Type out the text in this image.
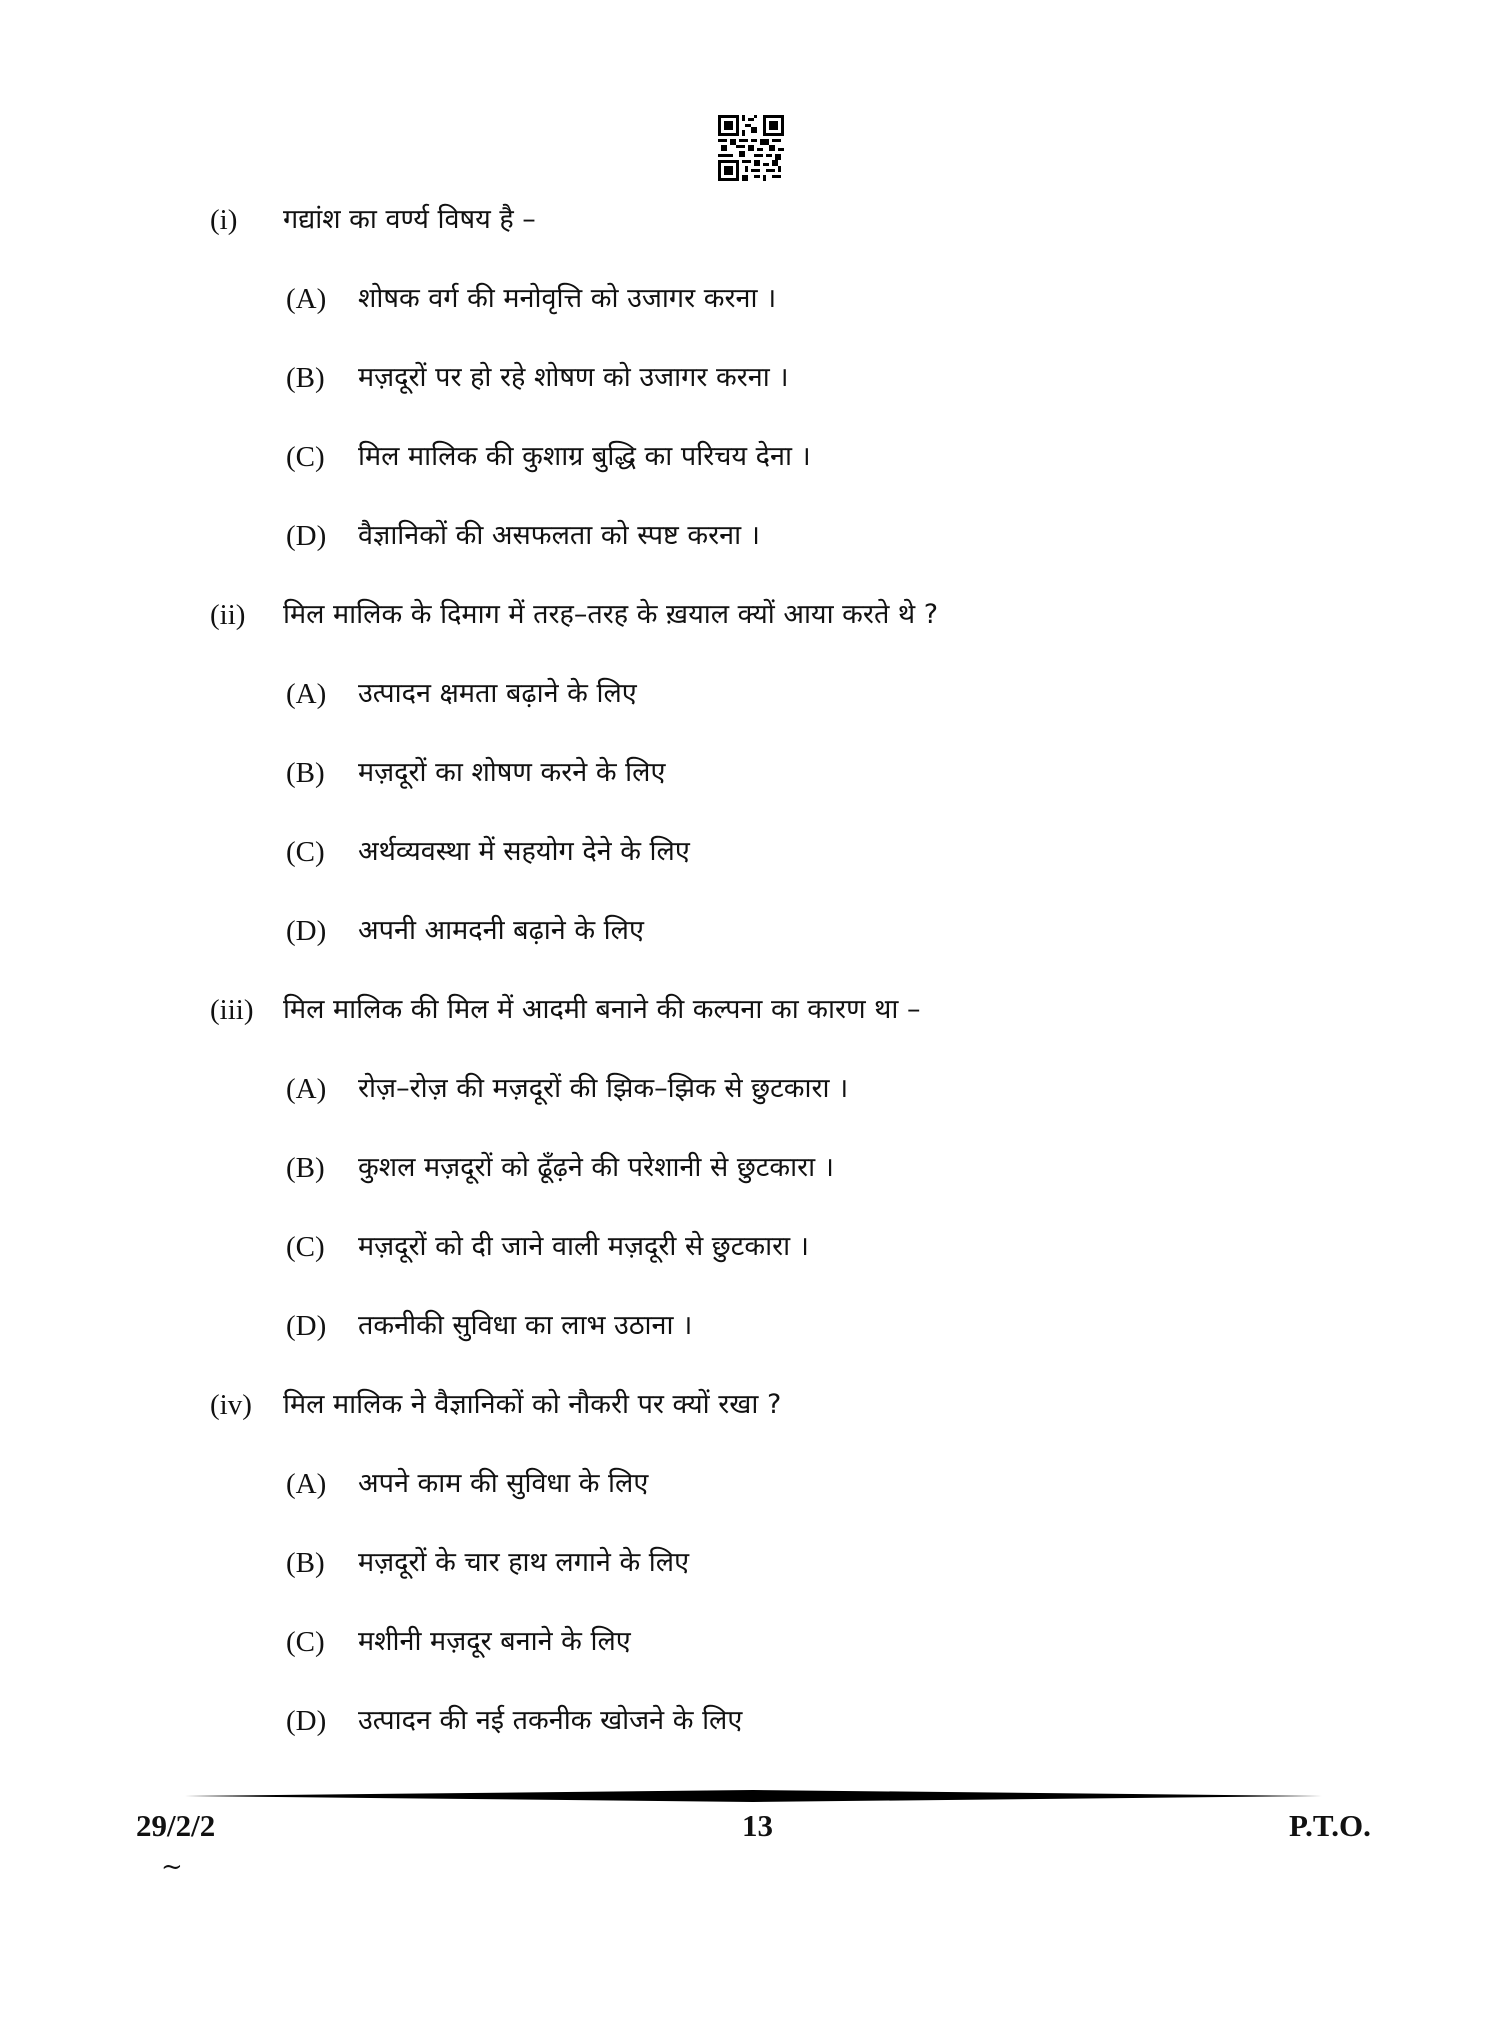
(i) गद्यांश का वर्ण्य विषय है –
(A) शोषक वर्ग की मनोवृत्ति को उजागर करना ।
(B) मज़दूरों पर हो रहे शोषण को उजागर करना ।
(C) मिल मालिक की कुशाग्र बुद्धि का परिचय देना ।
(D) वैज्ञानिकों की असफलता को स्पष्ट करना ।
(ii) मिल मालिक के दिमाग में तरह–तरह के ख़याल क्यों आया करते थे ?
(A) उत्पादन क्षमता बढ़ाने के लिए
(B) मज़दूरों का शोषण करने के लिए
(C) अर्थव्यवस्था में सहयोग देने के लिए
(D) अपनी आमदनी बढ़ाने के लिए
(iii) मिल मालिक की मिल में आदमी बनाने की कल्पना का कारण था –
(A) रोज़–रोज़ की मज़दूरों की झिक–झिक से छुटकारा ।
(B) कुशल मज़दूरों को ढूँढ़ने की परेशानी से छुटकारा ।
(C) मज़दूरों को दी जाने वाली मज़दूरी से छुटकारा ।
(D) तकनीकी सुविधा का लाभ उठाना ।
(iv) मिल मालिक ने वैज्ञानिकों को नौकरी पर क्यों रखा ?
(A) अपने काम की सुविधा के लिए
(B) मज़दूरों के चार हाथ लगाने के लिए
(C) मशीनी मज़दूर बनाने के लिए
(D) उत्पादन की नई तकनीक खोजने के लिए
29/2/2	13	P.T.O.
~
